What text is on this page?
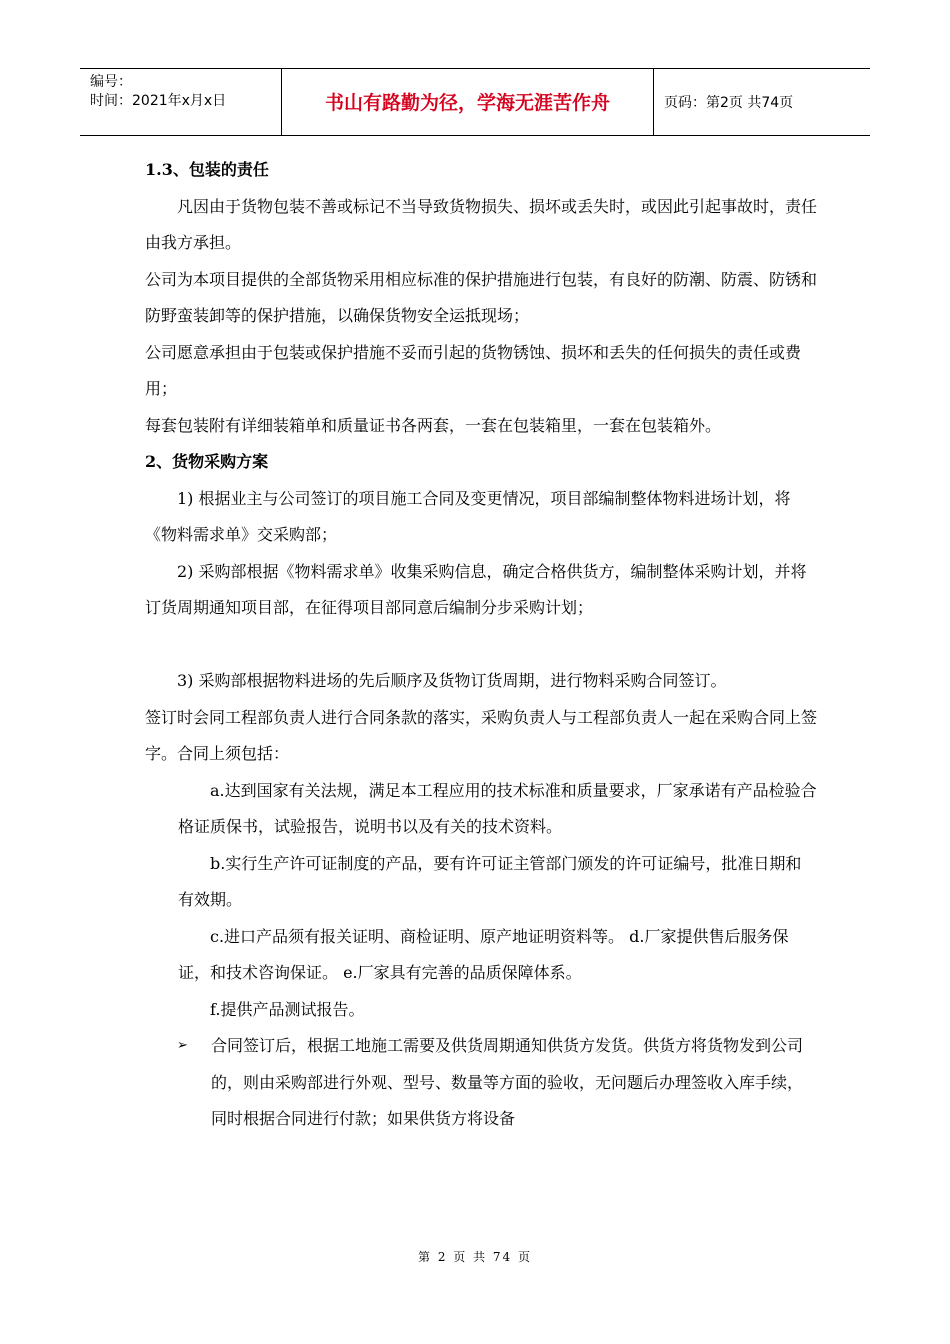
编号：
时间：2021年x月x日	书山有路勤为径，学海无涯苦作舟	页码：第2页 共74页

1.3、包装的责任

凡因由于货物包装不善或标记不当导致货物损失、损坏或丢失时，或因此引起事故时，责任由我方承担。

公司为本项目提供的全部货物采用相应标准的保护措施进行包装，有良好的防潮、防震、防锈和防野蛮装卸等的保护措施，以确保货物安全运抵现场；

公司愿意承担由于包装或保护措施不妥而引起的货物锈蚀、损坏和丢失的任何损失的责任或费用；

每套包装附有详细装箱单和质量证书各两套，一套在包装箱里，一套在包装箱外。

2、货物采购方案

1) 根据业主与公司签订的项目施工合同及变更情况，项目部编制整体物料进场计划，将《物料需求单》交采购部；

2) 采购部根据《物料需求单》收集采购信息，确定合格供货方，编制整体采购计划，并将订货周期通知项目部，在征得项目部同意后编制分步采购计划；

3) 采购部根据物料进场的先后顺序及货物订货周期，进行物料采购合同签订。

签订时会同工程部负责人进行合同条款的落实，采购负责人与工程部负责人一起在采购合同上签字。合同上须包括：

a.达到国家有关法规，满足本工程应用的技术标准和质量要求，厂家承诺有产品检验合格证质保书，试验报告，说明书以及有关的技术资料。

b.实行生产许可证制度的产品，要有许可证主管部门颁发的许可证编号，批准日期和有效期。

c.进口产品须有报关证明、商检证明、原产地证明资料等。 d.厂家提供售后服务保证，和技术咨询保证。 e.厂家具有完善的品质保障体系。

f.提供产品测试报告。

➢ 合同签订后，根据工地施工需要及供货周期通知供货方发货。供货方将货物发到公司的，则由采购部进行外观、型号、数量等方面的验收，无问题后办理签收入库手续，同时根据合同进行付款；如果供货方将设备

第 2 页 共 74 页
